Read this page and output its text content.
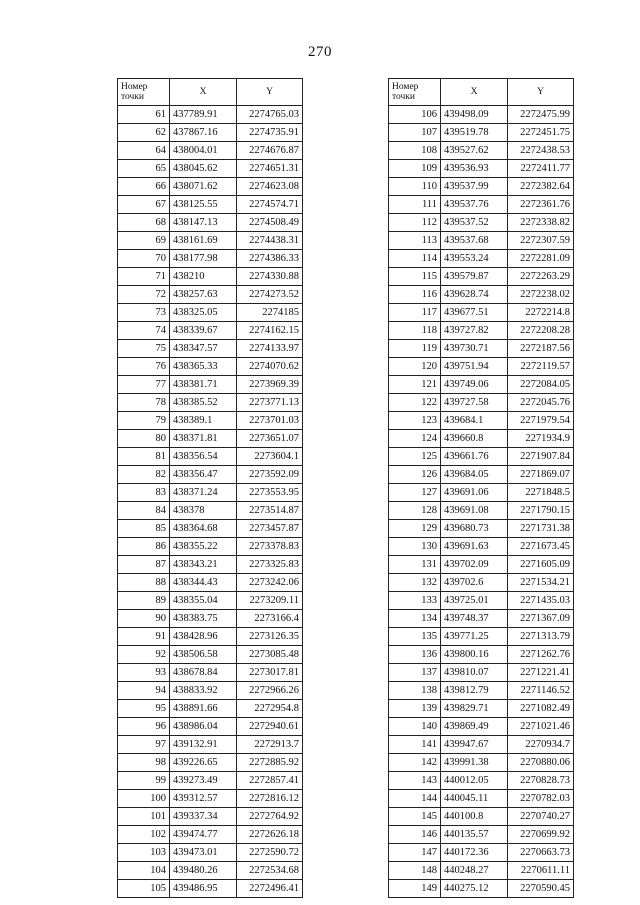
270
Номер
точки	X	Y
61	437789.91	2274765.03
62	437867.16	2274735.91
64	438004.01	2274676.87
65	438045.62	2274651.31
66	438071.62	2274623.08
67	438125.55	2274574.71
68	438147.13	2274508.49
69	438161.69	2274438.31
70	438177.98	2274386.33
71	438210	2274330.88
72	438257.63	2274273.52
73	438325.05	2274185
74	438339.67	2274162.15
75	438347.57	2274133.97
76	438365.33	2274070.62
77	438381.71	2273969.39
78	438385.52	2273771.13
79	438389.1	2273701.03
80	438371.81	2273651.07
81	438356.54	2273604.1
82	438356.47	2273592.09
83	438371.24	2273553.95
84	438378	2273514.87
85	438364.68	2273457.87
86	438355.22	2273378.83
87	438343.21	2273325.83
88	438344.43	2273242.06
89	438355.04	2273209.11
90	438383.75	2273166.4
91	438428.96	2273126.35
92	438506.58	2273085.48
93	438678.84	2273017.81
94	438833.92	2272966.26
95	438891.66	2272954.8
96	438986.04	2272940.61
97	439132.91	2272913.7
98	439226.65	2272885.92
99	439273.49	2272857.41
100	439312.57	2272816.12
101	439337.34	2272764.92
102	439474.77	2272626.18
103	439473.01	2272590.72
104	439480.26	2272534.68
105	439486.95	2272496.41
Номер
точки	X	Y
106	439498.09	2272475.99
107	439519.78	2272451.75
108	439527.62	2272438.53
109	439536.93	2272411.77
110	439537.99	2272382.64
111	439537.76	2272361.76
112	439537.52	2272338.82
113	439537.68	2272307.59
114	439553.24	2272281.09
115	439579.87	2272263.29
116	439628.74	2272238.02
117	439677.51	2272214.8
118	439727.82	2272208.28
119	439730.71	2272187.56
120	439751.94	2272119.57
121	439749.06	2272084.05
122	439727.58	2272045.76
123	439684.1	2271979.54
124	439660.8	2271934.9
125	439661.76	2271907.84
126	439684.05	2271869.07
127	439691.06	2271848.5
128	439691.08	2271790.15
129	439680.73	2271731.38
130	439691.63	2271673.45
131	439702.09	2271605.09
132	439702.6	2271534.21
133	439725.01	2271435.03
134	439748.37	2271367.09
135	439771.25	2271313.79
136	439800.16	2271262.76
137	439810.07	2271221.41
138	439812.79	2271146.52
139	439829.71	2271082.49
140	439869.49	2271021.46
141	439947.67	2270934.7
142	439991.38	2270880.06
143	440012.05	2270828.73
144	440045.11	2270782.03
145	440100.8	2270740.27
146	440135.57	2270699.92
147	440172.36	2270663.73
148	440248.27	2270611.11
149	440275.12	2270590.45
